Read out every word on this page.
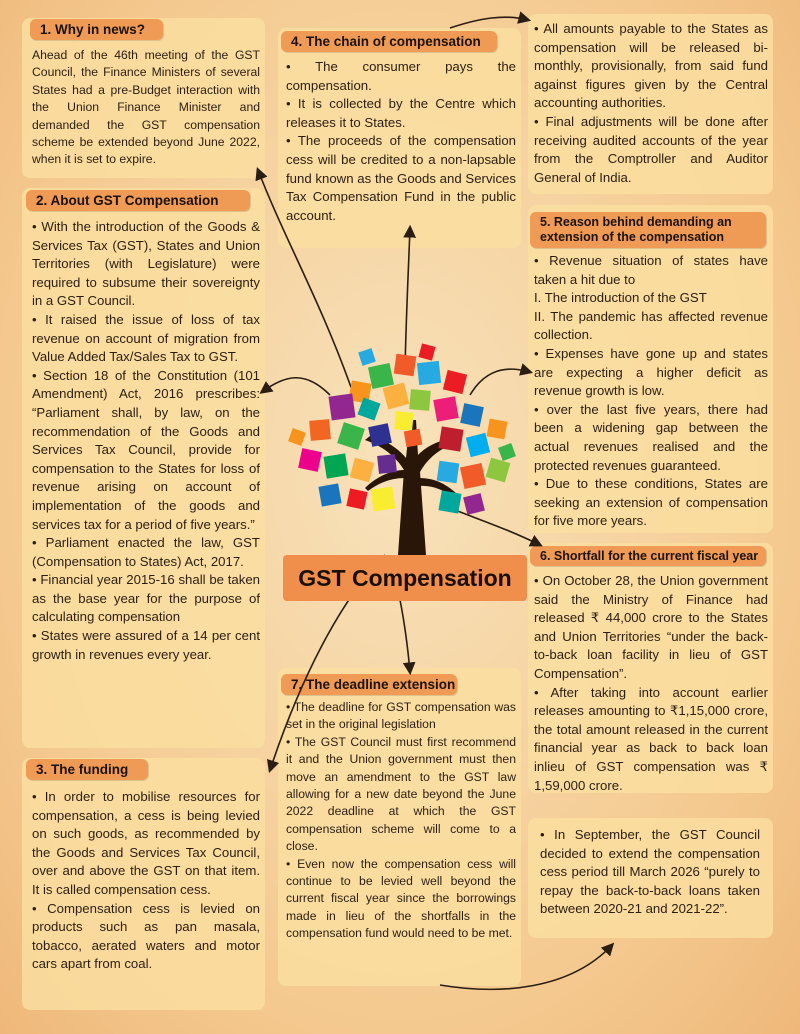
1. Why in news?

Ahead of the 46th meeting of the GST Council, the Finance Ministers of several States had a pre-Budget interaction with the Union Finance Minister and demanded the GST compensation scheme be extended beyond June 2022, when it is set to expire.

2. About GST Compensation

• With the introduction of the Goods & Services Tax (GST), States and Union Territories (with Legislature) were required to subsume their sovereignty in a GST Council.

• It raised the issue of loss of tax revenue on account of migration from Value Added Tax/Sales Tax to GST.

• Section 18 of the Constitution (101 Amendment) Act, 2016 prescribes: “Parliament shall, by law, on the recommendation of the Goods and Services Tax Council, provide for compensation to the States for loss of revenue arising on account of implementation of the goods and services tax for a period of five years.”

• Parliament enacted the law, GST (Compensation to States) Act, 2017.

• Financial year 2015-16 shall be taken as the base year for the purpose of calculating compensation

• States were assured of a 14 per cent growth in revenues every year.

3. The funding

• In order to mobilise resources for compensation, a cess is being levied on such goods, as recommended by the Goods and Services Tax Council, over and above the GST on that item. It is called compensation cess.

• Compensation cess is levied on products such as pan masala, tobacco, aerated waters and motor cars apart from coal.

4. The chain of compensation

• The consumer pays the compensation.

• It is collected by the Centre which releases it to States.

• The proceeds of the compensation cess will be credited to a non-lapsable fund known as the Goods and Services Tax Compensation Fund in the public account.

• All amounts payable to the States as compensation will be released bi-monthly, provisionally, from said fund against figures given by the Central accounting authorities.

• Final adjustments will be done after receiving audited accounts of the year from the Comptroller and Auditor General of India.

5. Reason behind demanding an extension of the compensation

• Revenue situation of states have taken a hit due to

I. The introduction of the GST

II. The pandemic has affected revenue collection.

• Expenses have gone up and states are expecting a higher deficit as revenue growth is low.

• over the last five years, there had been a widening gap between the actual revenues realised and the protected revenues guaranteed.

• Due to these conditions, States are seeking an extension of compensation for five more years.

6. Shortfall for the current fiscal year

• On October 28, the Union government said the Ministry of Finance had released ₹ 44,000 crore to the States and Union Territories “under the back-to-back loan facility in lieu of GST Compensation”.

• After taking into account earlier releases amounting to ₹1,15,000 crore, the total amount released in the current financial year as back to back loan inlieu of GST compensation was ₹ 1,59,000 crore.

7. The deadline extension

• The deadline for GST compensation was set in the original legislation

• The GST Council must first recommend it and the Union government must then move an amendment to the GST law allowing for a new date beyond the June 2022 deadline at which the GST compensation scheme will come to a close.

• Even now the compensation cess will continue to be levied well beyond the current fiscal year since the borrowings made in lieu of the shortfalls in the compensation fund would need to be met.

• In September, the GST Council decided to extend the compensation cess period till March 2026 “purely to repay the back-to-back loans taken between 2020-21 and 2021-22”.

GST Compensation
